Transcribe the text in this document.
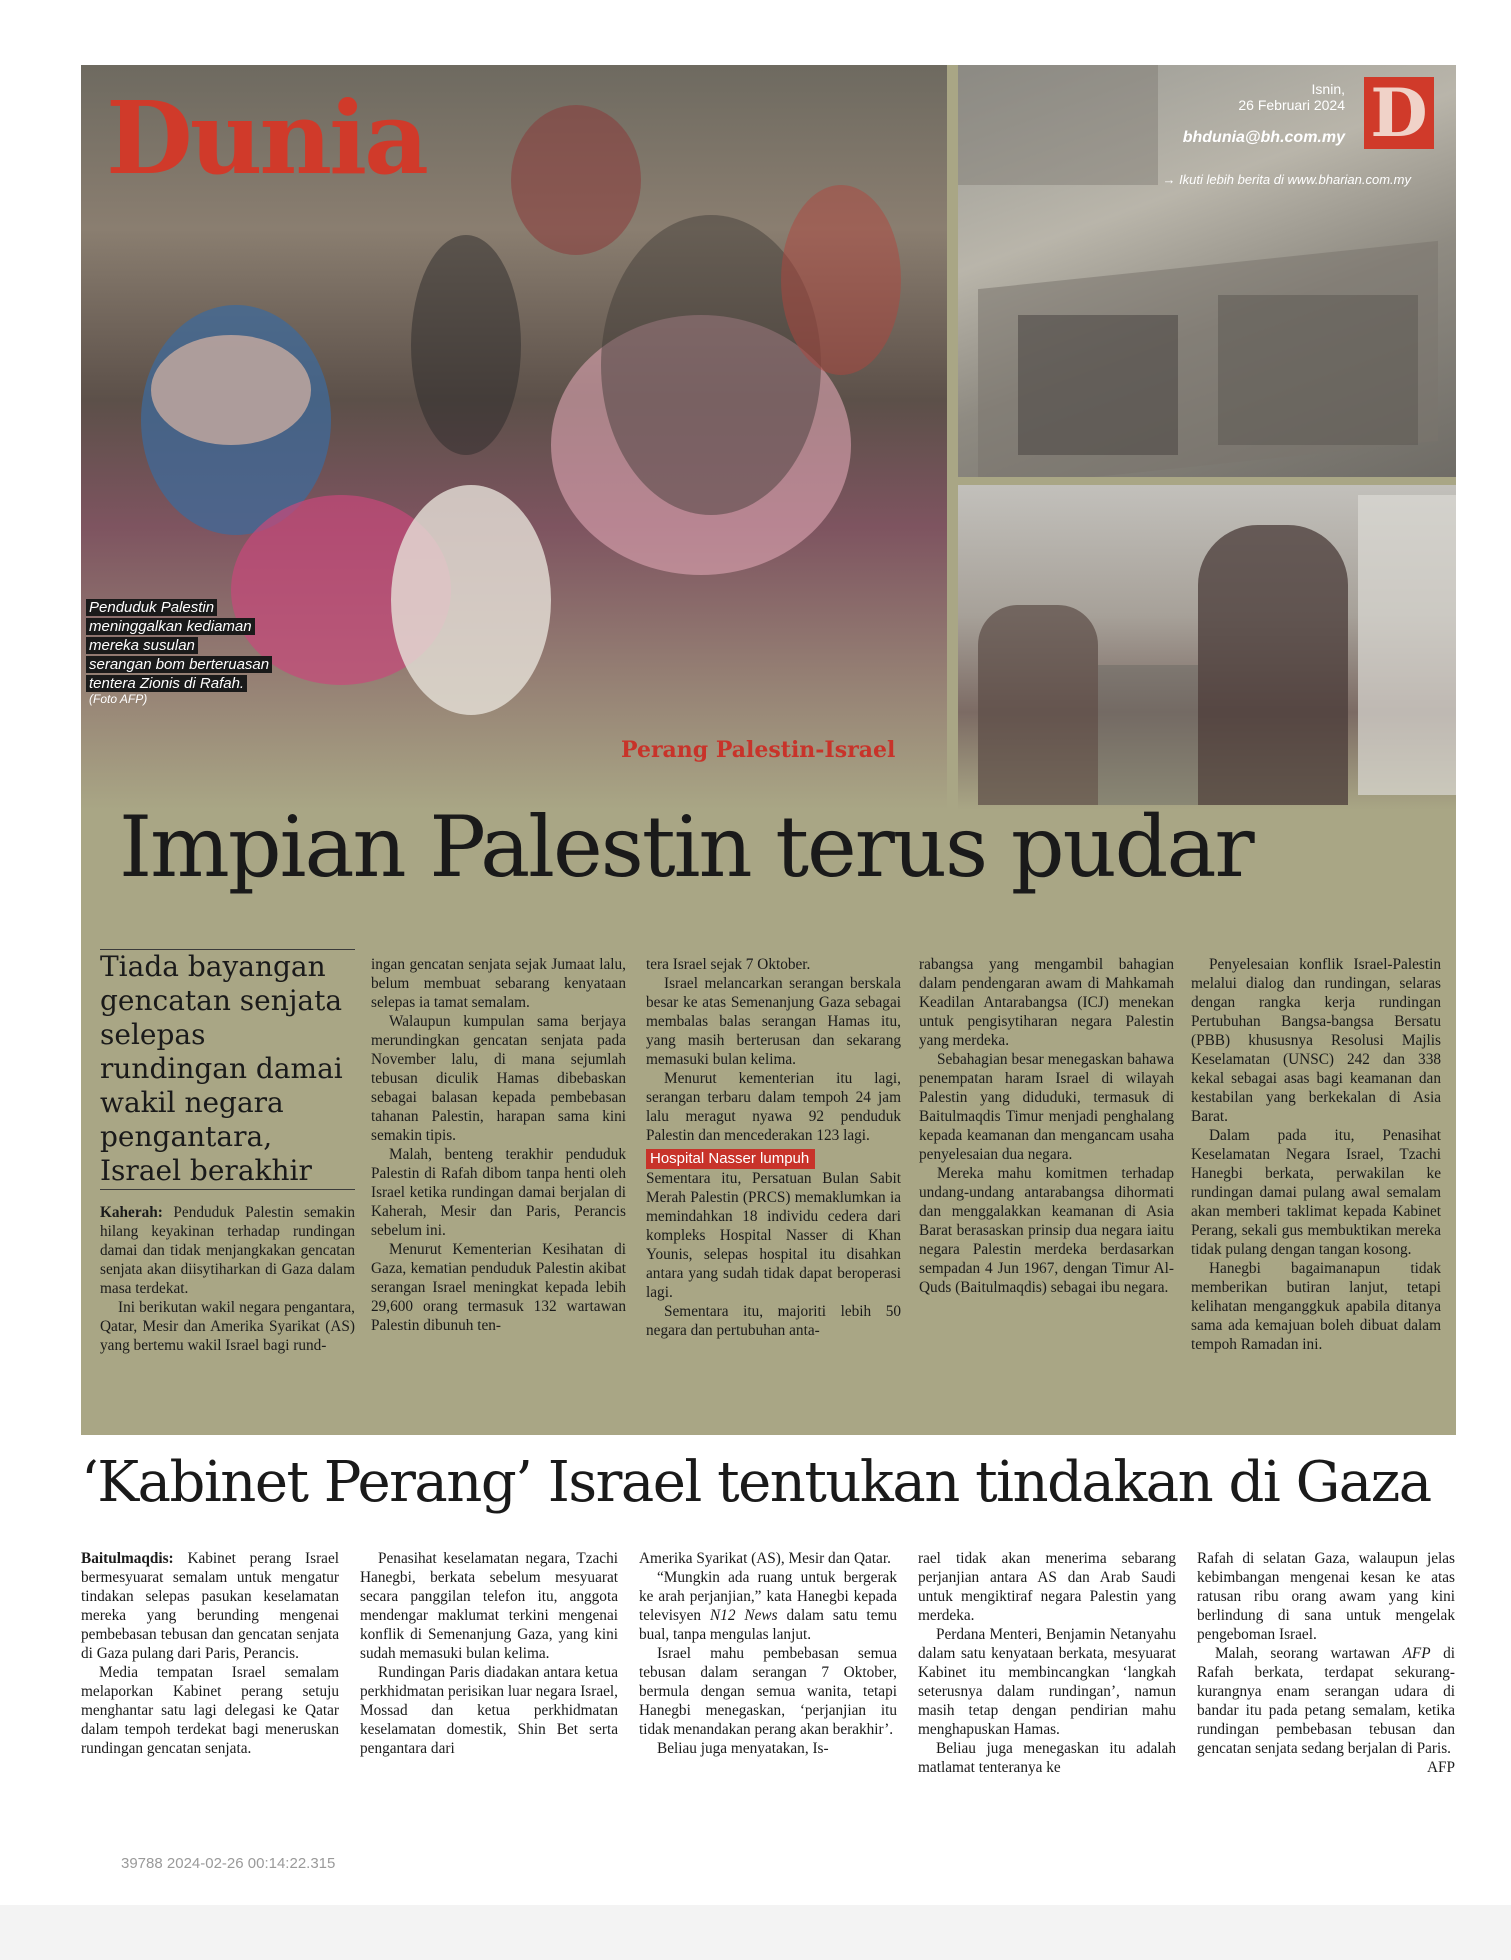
Dunia	Isnin,
26 Februari 2024
bhdunia@bh.com.my
→ Ikuti lebih berita di www.bharian.com.my
D
Penduduk Palestin
meninggalkan kediaman
mereka susulan
serangan bom berteruasan
tentera Zionis di Rafah.
(Foto AFP)
Perang Palestin-Israel
Impian Palestin terus pudar
Tiada bayangan gencatan senjata selepas rundingan damai wakil negara pengantara, Israel berakhir

Kaherah: Penduduk Palestin semakin hilang keyakinan terhadap rundingan damai dan tidak menjangkakan gencatan senjata akan diisytiharkan di Gaza dalam masa terdekat.

Ini berikutan wakil negara pengantara, Qatar, Mesir dan Amerika Syarikat (AS) yang bertemu wakil Israel bagi rund-

ingan gencatan senjata sejak Jumaat lalu, belum membuat sebarang kenyataan selepas ia tamat semalam.

Walaupun kumpulan sama berjaya merundingkan gencatan senjata pada November lalu, di mana sejumlah tebusan diculik Hamas dibebaskan sebagai balasan kepada pembebasan tahanan Palestin, harapan sama kini semakin tipis.

Malah, benteng terakhir penduduk Palestin di Rafah dibom tanpa henti oleh Israel ketika rundingan damai berjalan di Kaherah, Mesir dan Paris, Perancis sebelum ini.

Menurut Kementerian Kesihatan di Gaza, kematian penduduk Palestin akibat serangan Israel meningkat kepada lebih 29,600 orang termasuk 132 wartawan Palestin dibunuh ten-

tera Israel sejak 7 Oktober.

Israel melancarkan serangan berskala besar ke atas Semenanjung Gaza sebagai membalas balas serangan Hamas itu, yang masih berterusan dan sekarang memasuki bulan kelima.

Menurut kementerian itu lagi, serangan terbaru dalam tempoh 24 jam lalu meragut nyawa 92 penduduk Palestin dan mencederakan 123 lagi.

Hospital Nasser lumpuh

Sementara itu, Persatuan Bulan Sabit Merah Palestin (PRCS) memaklumkan ia memindahkan 18 individu cedera dari kompleks Hospital Nasser di Khan Younis, selepas hospital itu disahkan antara yang sudah tidak dapat beroperasi lagi.

Sementara itu, majoriti lebih 50 negara dan pertubuhan anta-

rabangsa yang mengambil bahagian dalam pendengaran awam di Mahkamah Keadilan Antarabangsa (ICJ) menekan untuk pengisytiharan negara Palestin yang merdeka.

Sebahagian besar menegaskan bahawa penempatan haram Israel di wilayah Palestin yang diduduki, termasuk di Baitulmaqdis Timur menjadi penghalang kepada keamanan dan mengancam usaha penyelesaian dua negara.

Mereka mahu komitmen terhadap undang-undang antarabangsa dihormati dan menggalakkan keamanan di Asia Barat berasaskan prinsip dua negara iaitu negara Palestin merdeka berdasarkan sempadan 4 Jun 1967, dengan Timur Al-Quds (Baitulmaqdis) sebagai ibu negara.

Penyelesaian konflik Israel-Palestin melalui dialog dan rundingan, selaras dengan rangka kerja rundingan Pertubuhan Bangsa-bangsa Bersatu (PBB) khususnya Resolusi Majlis Keselamatan (UNSC) 242 dan 338 kekal sebagai asas bagi keamanan dan kestabilan yang berkekalan di Asia Barat.

Dalam pada itu, Penasihat Keselamatan Negara Israel, Tzachi Hanegbi berkata, perwakilan ke rundingan damai pulang awal semalam akan memberi taklimat kepada Kabinet Perang, sekali gus membuktikan mereka tidak pulang dengan tangan kosong.

Hanegbi bagaimanapun tidak memberikan butiran lanjut, tetapi kelihatan menganggkuk apabila ditanya sama ada kemajuan boleh dibuat dalam tempoh Ramadan ini.

‘Kabinet Perang’ Israel tentukan tindakan di Gaza

Baitulmaqdis: Kabinet perang Israel bermesyuarat semalam untuk mengatur tindakan selepas pasukan keselamatan mereka yang berunding mengenai pembebasan tebusan dan gencatan senjata di Gaza pulang dari Paris, Perancis.

Media tempatan Israel semalam melaporkan Kabinet perang setuju menghantar satu lagi delegasi ke Qatar dalam tempoh terdekat bagi meneruskan rundingan gencatan senjata.

Penasihat keselamatan negara, Tzachi Hanegbi, berkata sebelum mesyuarat secara panggilan telefon itu, anggota mendengar maklumat terkini mengenai konflik di Semenanjung Gaza, yang kini sudah memasuki bulan kelima.

Rundingan Paris diadakan antara ketua perkhidmatan perisikan luar negara Israel, Mossad dan ketua perkhidmatan keselamatan domestik, Shin Bet serta pengantara dari

Amerika Syarikat (AS), Mesir dan Qatar.

“Mungkin ada ruang untuk bergerak ke arah perjanjian,” kata Hanegbi kepada televisyen N12 News dalam satu temu bual, tanpa mengulas lanjut.

Israel mahu pembebasan semua tebusan dalam serangan 7 Oktober, bermula dengan semua wanita, tetapi Hanegbi menegaskan, ‘perjanjian itu tidak menandakan perang akan berakhir’.

Beliau juga menyatakan, Is-

rael tidak akan menerima sebarang perjanjian antara AS dan Arab Saudi untuk mengiktiraf negara Palestin yang merdeka.

Perdana Menteri, Benjamin Netanyahu dalam satu kenyataan berkata, mesyuarat Kabinet itu membincangkan ‘langkah seterusnya dalam rundingan’, namun masih tetap dengan pendirian mahu menghapuskan Hamas.

Beliau juga menegaskan itu adalah matlamat tenteranya ke

Rafah di selatan Gaza, walaupun jelas kebimbangan mengenai kesan ke atas ratusan ribu orang awam yang kini berlindung di sana untuk mengelak pengeboman Israel.

Malah, seorang wartawan AFP di Rafah berkata, terdapat sekurang-kurangnya enam serangan udara di bandar itu pada petang semalam, ketika rundingan pembebasan tebusan dan gencatan senjata sedang berjalan di Paris.
AFP

39788 2024-02-26 00:14:22.315
